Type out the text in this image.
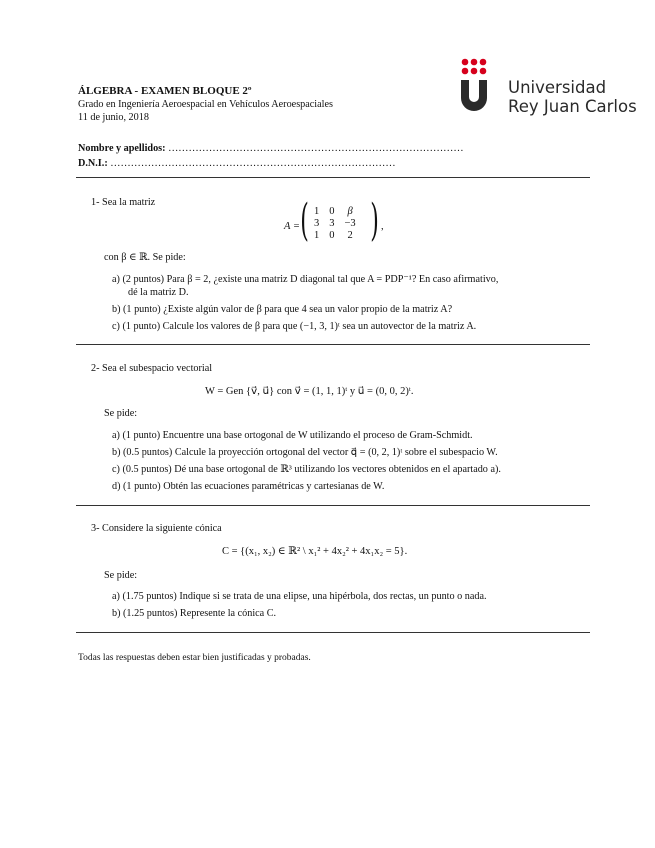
ÁLGEBRA - EXAMEN BLOQUE 2º
Grado en Ingeniería Aeroespacial en Vehículos Aeroespaciales
11 de junio, 2018
Universidad
Rey Juan Carlos
Nombre y apellidos: ……………………………………………………………………………
D.N.I.: …………………………………………………………………………
1- Sea la matriz
A = ( 1	0	β
3	3	−3
1	0	2 ) ,
con β ∈ ℝ. Se pide:
a) (2 puntos) Para β = 2, ¿existe una matriz D diagonal tal que A = PDP⁻¹? En caso afirmativo,
dé la matriz D.
b) (1 punto) ¿Existe algún valor de β para que 4 sea un valor propio de la matriz A?
c) (1 punto) Calcule los valores de β para que (−1, 3, 1)ᵗ sea un autovector de la matriz A.
2- Sea el subespacio vectorial
W = Gen {v⃗, u⃗} con v⃗ = (1, 1, 1)ᵗ y u⃗ = (0, 0, 2)ᵗ.
Se pide:
a) (1 punto) Encuentre una base ortogonal de W utilizando el proceso de Gram-Schmidt.
b) (0.5 puntos) Calcule la proyección ortogonal del vector q⃗ = (0, 2, 1)ᵗ sobre el subespacio W.
c) (0.5 puntos) Dé una base ortogonal de ℝ³ utilizando los vectores obtenidos en el apartado a).
d) (1 punto) Obtén las ecuaciones paramétricas y cartesianas de W.
3- Considere la siguiente cónica
C = {(x₁, x₂) ∈ ℝ² \ x₁² + 4x₂² + 4x₁x₂ = 5}.
Se pide:
a) (1.75 puntos) Indique si se trata de una elipse, una hipérbola, dos rectas, un punto o nada.
b) (1.25 puntos) Represente la cónica C.
Todas las respuestas deben estar bien justificadas y probadas.
